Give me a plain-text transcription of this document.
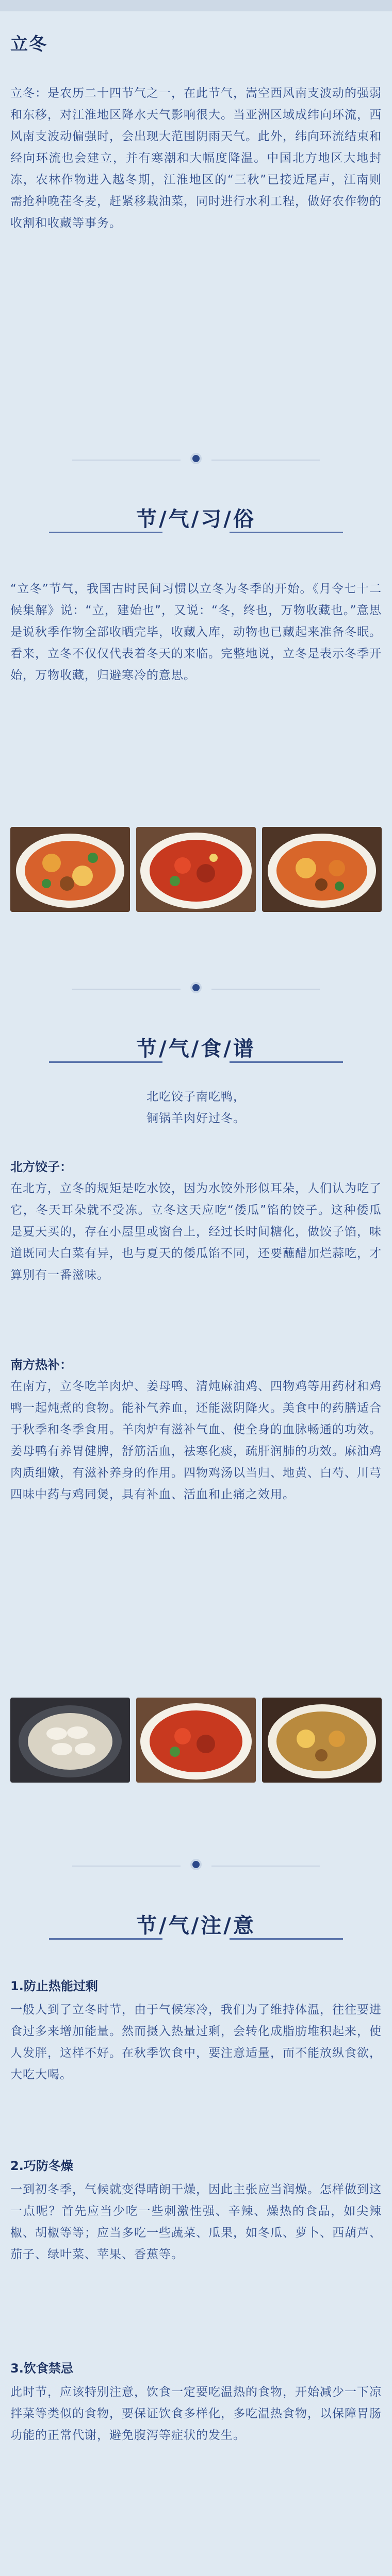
立冬
立冬：是农历二十四节气之一，在此节气，嵩空西风南支波动的强弱和东移，对江淮地区降水天气影响很大。当亚洲区域成纬向环流，西风南支波动偏强时，会出现大范围阴雨天气。此外，纬向环流结束和经向环流也会建立，并有寒潮和大幅度降温。中国北方地区大地封冻，农林作物进入越冬期，江淮地区的“三秋”已接近尾声，江南则需抢种晚茬冬麦，赶紧移栽油菜，同时进行水利工程，做好农作物的收割和收藏等事务。
节/气/习/俗
“立冬”节气，我国古时民间习惯以立冬为冬季的开始。《月令七十二候集解》说：“立，建始也”，又说：“冬，终也，万物收藏也。”意思是说秋季作物全部收晒完毕，收藏入库，动物也已藏起来准备冬眠。看来，立冬不仅仅代表着冬天的来临。完整地说，立冬是表示冬季开始，万物收藏，归避寒冷的意思。
节/气/食/谱
北吃饺子南吃鸭，
铜锅羊肉好过冬。
北方饺子：
在北方，立冬的规矩是吃水饺，因为水饺外形似耳朵，人们认为吃了它，冬天耳朵就不受冻。立冬这天应吃“倭瓜”馅的饺子。这种倭瓜是夏天买的，存在小屋里或窗台上，经过长时间糖化，做饺子馅，味道既同大白菜有异，也与夏天的倭瓜馅不同，还要蘸醋加烂蒜吃，才算别有一番滋味。
南方热补：
在南方，立冬吃羊肉炉、姜母鸭、清炖麻油鸡、四物鸡等用药材和鸡鸭一起炖煮的食物。能补气养血，还能滋阴降火。美食中的药膳适合于秋季和冬季食用。羊肉炉有滋补气血、使全身的血脉畅通的功效。姜母鸭有养胃健脾，舒筋活血，祛寒化痰，疏肝润肺的功效。麻油鸡肉质细嫩，有滋补养身的作用。四物鸡汤以当归、地黄、白芍、川芎四味中药与鸡同煲，具有补血、活血和止痛之效用。
节/气/注/意
1.防止热能过剩
一般人到了立冬时节，由于气候寒冷，我们为了维持体温，往往要进食过多来增加能量。然而摄入热量过剩，会转化成脂肪堆积起来，使人发胖，这样不好。在秋季饮食中，要注意适量，而不能放纵食欲，大吃大喝。
2.巧防冬燥
一到初冬季，气候就变得晴朗干燥，因此主张应当润燥。怎样做到这一点呢？首先应当少吃一些刺激性强、辛辣、燥热的食品，如尖辣椒、胡椒等等；应当多吃一些蔬菜、瓜果，如冬瓜、萝卜、西葫芦、茄子、绿叶菜、苹果、香蕉等。
3.饮食禁忌
此时节，应该特别注意，饮食一定要吃温热的食物，开始减少一下凉拌菜等类似的食物，要保证饮食多样化，多吃温热食物，以保障胃肠功能的正常代谢，避免腹泻等症状的发生。
